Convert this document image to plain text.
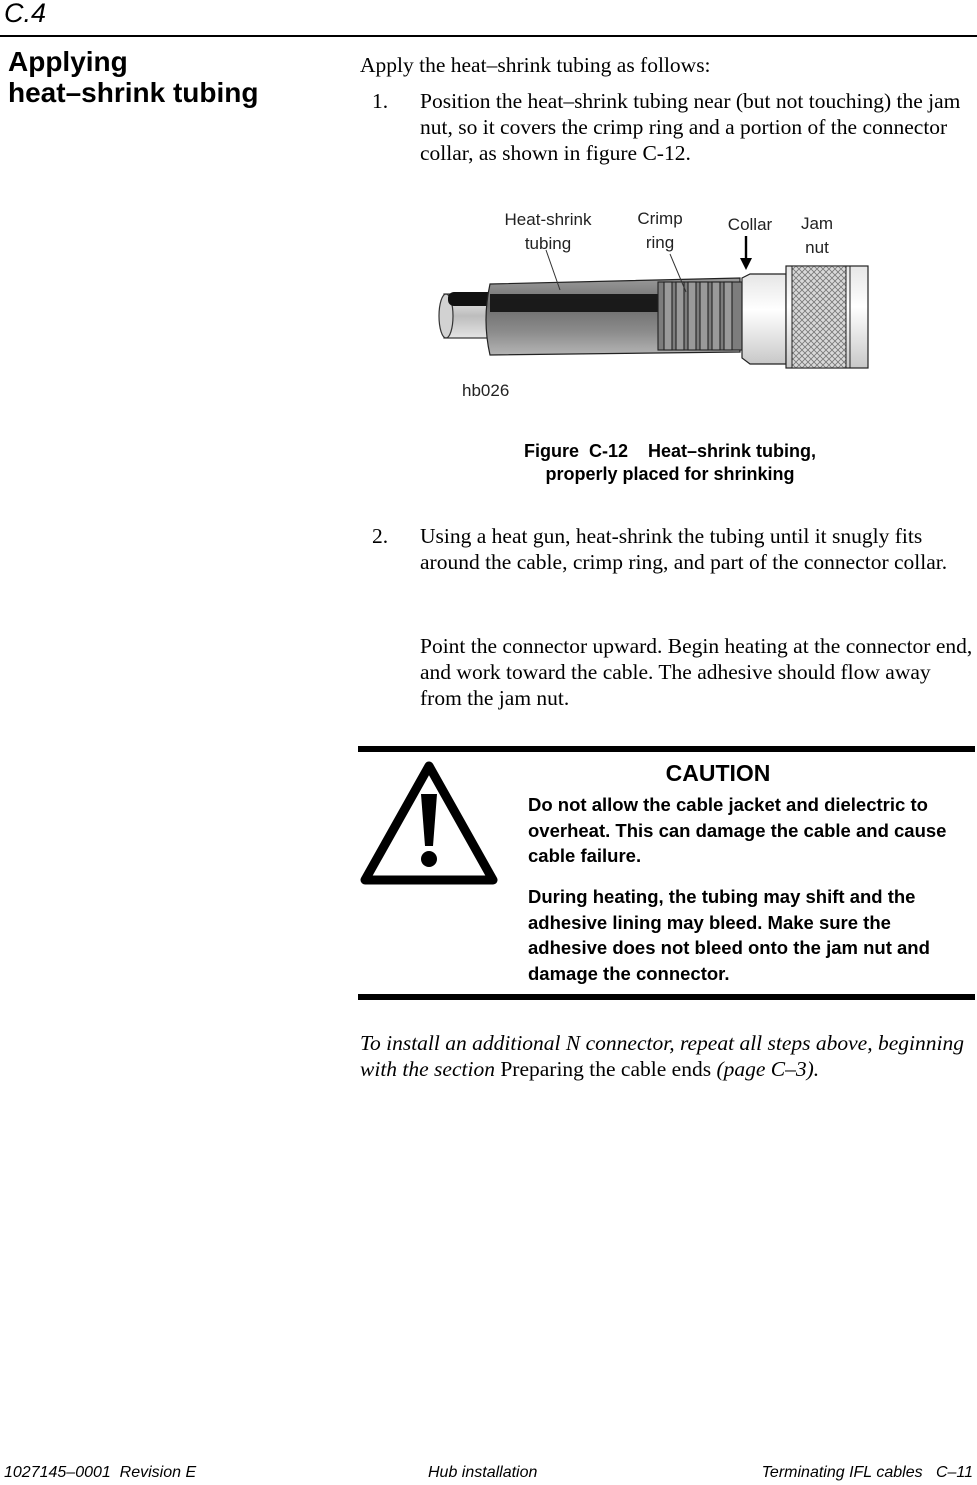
C.4
Applying
heat–shrink tubing
Apply the heat–shrink tubing as follows:
1. Position the heat–shrink tubing near (but not touching) the jam nut, so it covers the crimp ring and a portion of the connector collar, as shown in figure C-12.
Heat-shrink
tubing
Crimp
ring
Collar Jam
nut
hb026
Figure  C-12    Heat–shrink tubing,
properly placed for shrinking
2. Using a heat gun, heat-shrink the tubing until it snugly fits around the cable, crimp ring, and part of the connector collar.
Point the connector upward. Begin heating at the connector end, and work toward the cable. The adhesive should flow away from the jam nut.
CAUTION
Do not allow the cable jacket and dielectric to overheat. This can damage the cable and cause cable failure.
During heating, the tubing may shift and the adhesive lining may bleed. Make sure the adhesive does not bleed onto the jam nut and damage the connector.
To install an additional N connector, repeat all steps above, beginning with the section Preparing the cable ends (page C–3).
1027145–0001  Revision E	Hub installation	Terminating IFL cables   C–11
